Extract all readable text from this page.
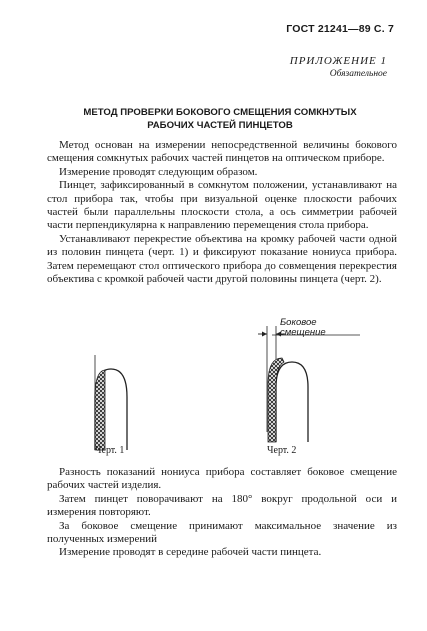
ГОСТ 21241—89 С. 7
ПРИЛОЖЕНИЕ 1
Обязательное
МЕТОД ПРОВЕРКИ БОКОВОГО СМЕЩЕНИЯ СОМКНУТЫХ
РАБОЧИХ ЧАСТЕЙ ПИНЦЕТОВ

Метод основан на измерении непосредственной величины бокового смещения сомкнутых рабочих частей пинцетов на оптическом приборе.

Измерение проводят следующим образом.

Пинцет, зафиксированный в сомкнутом положении, устанавливают на стол прибора так, чтобы при визуальной оценке плоскости рабочих частей были параллельны плоскости стола, а ось симметрии рабочей части перпендикулярна к направлению перемещения стола прибора.

Устанавливают перекрестие объектива на кромку рабочей части одной из половин пинцета (черт. 1) и фиксируют показание нониуса прибора. Затем перемещают стол оптического прибора до совмещения перекрестия объектива с кромкой рабочей части другой половины пинцета (черт. 2).

Черт. 1
Боковое
смещение
Черт. 2

Разность показаний нониуса прибора составляет боковое смещение рабочих частей изделия.

Затем пинцет поворачивают на 180° вокруг продольной оси и измерения повторяют.

За боковое смещение принимают максимальное значение из полученных измерений

Измерение проводят в середине рабочей части пинцета.
